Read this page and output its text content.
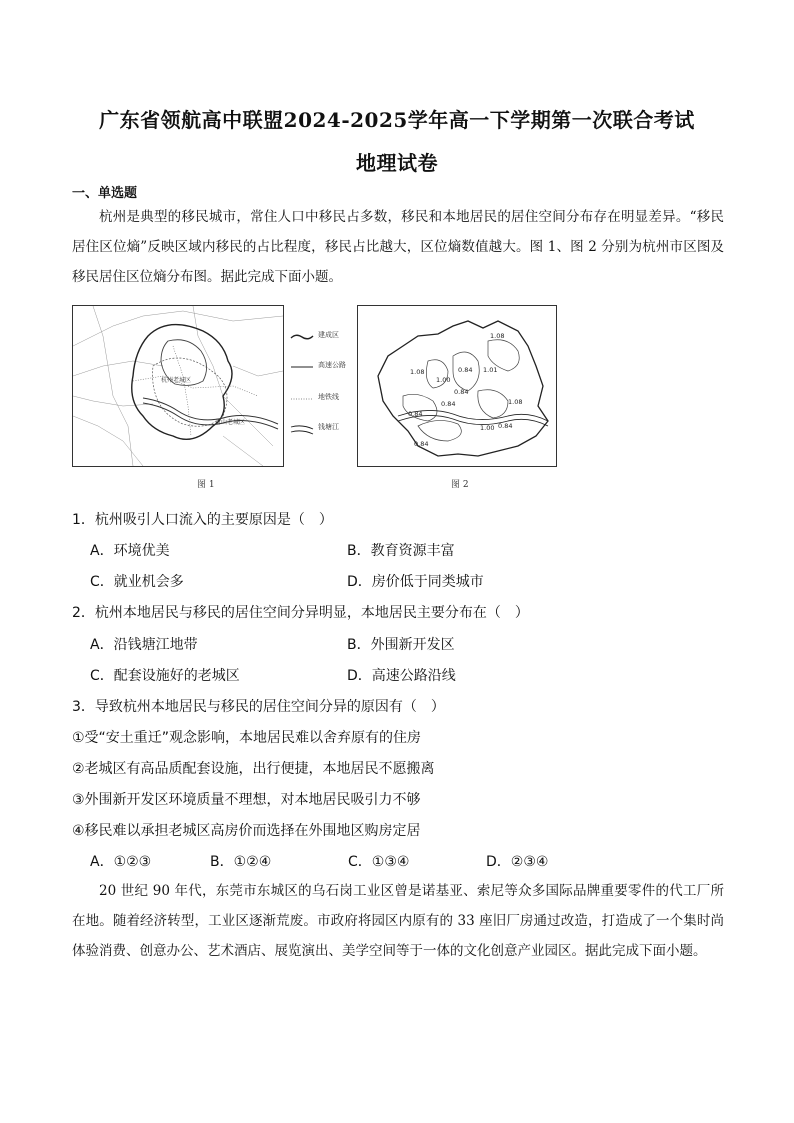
广东省领航高中联盟2024-2025学年高一下学期第一次联合考试
地理试卷
一、单选题
杭州是典型的移民城市，常住人口中移民占多数，移民和本地居民的居住空间分布存在明显差异。“移民居住区位熵”反映区域内移民的占比程度，移民占比越大，区位熵数值越大。图 1、图 2 分别为杭州市区图及移民居住区位熵分布图。据此完成下面小题。
杭州老城区
萧山老城区
建成区
高速公路
地铁线
钱塘江
1.08
1.08	1.01
0.84
1.00
0.84
0.84	1.08
0.84
1.00 0.84
0.84
图 1	图 2
1．杭州吸引人口流入的主要原因是（　）
A．环境优美	B．教育资源丰富
C．就业机会多	D．房价低于同类城市
2．杭州本地居民与移民的居住空间分异明显，本地居民主要分布在（　）
A．沿钱塘江地带	B．外围新开发区
C．配套设施好的老城区	D．高速公路沿线
3．导致杭州本地居民与移民的居住空间分异的原因有（　）
①受“安土重迁”观念影响，本地居民难以舍弃原有的住房
②老城区有高品质配套设施，出行便捷，本地居民不愿搬离
③外围新开发区环境质量不理想，对本地居民吸引力不够
④移民难以承担老城区高房价而选择在外围地区购房定居
A．①②③	B．①②④	C．①③④	D．②③④
20 世纪 90 年代，东莞市东城区的乌石岗工业区曾是诺基亚、索尼等众多国际品牌重要零件的代工厂所在地。随着经济转型，工业区逐渐荒废。市政府将园区内原有的 33 座旧厂房通过改造，打造成了一个集时尚体验消费、创意办公、艺术酒店、展览演出、美学空间等于一体的文化创意产业园区。据此完成下面小题。
